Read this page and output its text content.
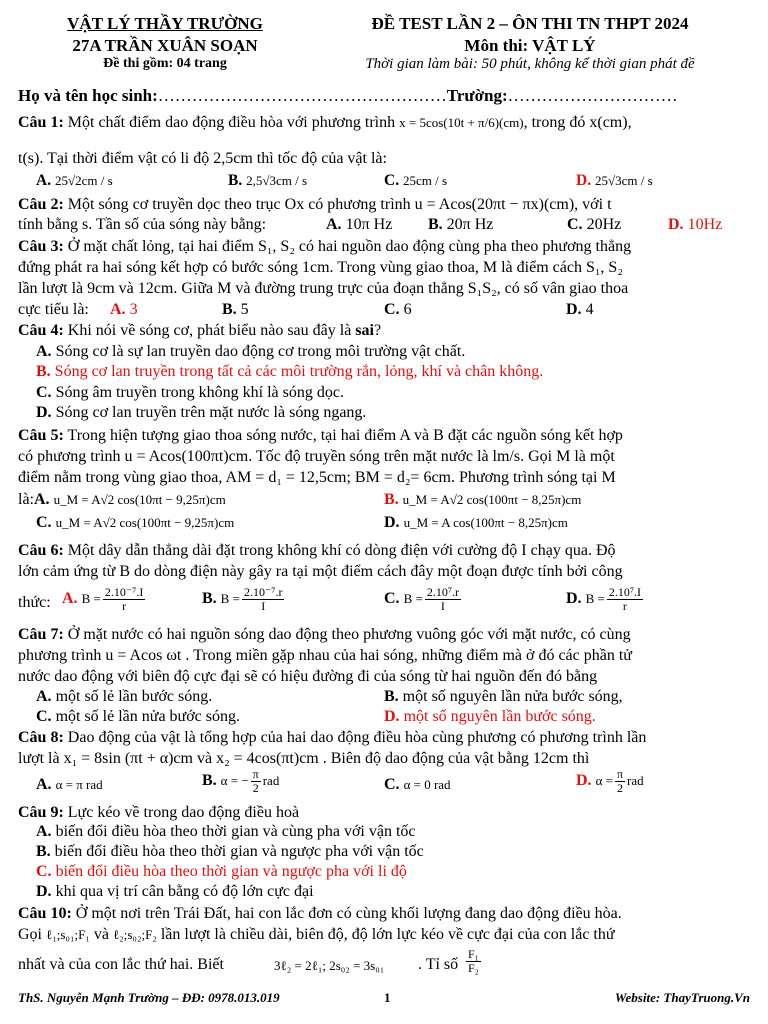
VẬT LÝ THẦY TRƯỜNG
27A TRẦN XUÂN SOẠN
Đề thi gồm: 04 trang
ĐỀ TEST LẦN 2 – ÔN THI TN THPT 2024
Môn thi: VẬT LÝ
Thời gian làm bài: 50 phút, không kể thời gian phát đề
Họ và tên học sinh:……………………………………………Trường:…………………………
Câu 1: Một chất điểm dao động điều hòa với phương trình x = 5cos(10t + π/6)(cm), trong đó x(cm),
t(s). Tại thời điểm vật có li độ 2,5cm thì tốc độ của vật là:
A. 25√2cm / s	B. 2,5√3cm / s	C. 25cm / s	D. 25√3cm / s
Câu 2: Một sóng cơ truyền dọc theo trục Ox có phương trình u = Acos(20πt − πx)(cm), với t
tính bằng s. Tần số của sóng này bằng:	A. 10π Hz B. 20π Hz	C. 20Hz	D. 10Hz
Câu 3: Ở mặt chất lỏng, tại hai điểm S₁, S₂ có hai nguồn dao động cùng pha theo phương thẳng
đứng phát ra hai sóng kết hợp có bước sóng 1cm. Trong vùng giao thoa, M là điểm cách S₁, S₂
lần lượt là 9cm và 12cm. Giữa M và đường trung trực của đoạn thẳng S₁S₂, có số vân giao thoa
cực tiểu là: A. 3	B. 5	C. 6	D. 4
Câu 4: Khi nói về sóng cơ, phát biểu nào sau đây là sai?
A. Sóng cơ là sự lan truyền dao động cơ trong môi trường vật chất.
B. Sóng cơ lan truyền trong tất cả các môi trường rắn, lỏng, khí và chân không.
C. Sóng âm truyền trong không khí là sóng dọc.
D. Sóng cơ lan truyền trên mặt nước là sóng ngang.
Câu 5: Trong hiện tượng giao thoa sóng nước, tại hai điểm A và B đặt các nguồn sóng kết hợp
có phương trình u = Acos(100πt)cm. Tốc độ truyền sóng trên mặt nước là lm/s. Gọi M là một
điểm nằm trong vùng giao thoa, AM = d₁ = 12,5cm; BM = d₂= 6cm. Phương trình sóng tại M
là:A. u_M = A√2 cos(10πt − 9,25π)cm	B. u_M = A√2 cos(100πt − 8,25π)cm
C. u_M = A√2 cos(100πt − 9,25π)cm	D. u_M = A cos(100πt − 8,25π)cm
Câu 6: Một dây dẫn thẳng dài đặt trong không khí có dòng điện với cường độ I chạy qua. Độ
lớn cảm ứng từ B do dòng điện này gây ra tại một điểm cách đây một đoạn được tính bởi công
thức: A. $B = \frac{\text{2.10⁻⁷.I}}{r}$	B. $B = \frac{\text{2.10⁻⁷.r}}{I}$	C. $B = \frac{\text{2.10⁷.r}}{I}$	D. $B = \frac{\text{2.10⁷.I}}{r}$
Câu 7: Ở mặt nước có hai nguồn sóng dao động theo phương vuông góc với mặt nước, có cùng
phương trình u = Acos ωt . Trong miền gặp nhau của hai sóng, những điểm mà ở đó các phần tử
nước dao động với biên độ cực đại sẽ có hiệu đường đi của sóng từ hai nguồn đến đó bằng
A. một số lẻ lần bước sóng.	B. một số nguyên lần nửa bước sóng,
C. một số lẻ lần nửa bước sóng.	D. một số nguyên lần bước sóng.
Câu 8: Dao động của vật là tổng hợp của hai dao động điều hòa cùng phương có phương trình lần
lượt là x₁ = 8sin (πt + α)cm và x₂ = 4cos(πt)cm . Biên độ dao động của vật bằng 12cm thì
A. α = π rad	B. α = − $\frac{\pi}{2}$ rad	C. α = 0 rad	D. $\alpha = \frac{\pi}{2}$ rad
Câu 9: Lực kéo về trong dao động điều hoà
A. biến đổi điều hòa theo thời gian và cùng pha với vận tốc
B. biến đổi điều hòa theo thời gian và ngược pha với vận tốc
C. biến đổi điều hòa theo thời gian và ngược pha với li độ
D. khi qua vị trí cân bằng có độ lớn cực đại
Câu 10: Ở một nơi trên Trái Đất, hai con lắc đơn có cùng khối lượng đang dao động điều hòa.
Gọi ℓ₁;s₀₁;F₁ và ℓ₂;s₀₂;F₂ lần lượt là chiều dài, biên độ, độ lớn lực kéo về cực đại của con lắc thứ
nhất và của con lắc thứ hai. Biết	3ℓ₂ = 2ℓ₁; 2s₀₂ = 3s₀₁ . Tỉ số $\frac{\text{F₁}}{\text{F₂}}$
ThS. Nguyễn Mạnh Trường – ĐĐ: 0978.013.019	1	Website: ThayTruong.Vn
